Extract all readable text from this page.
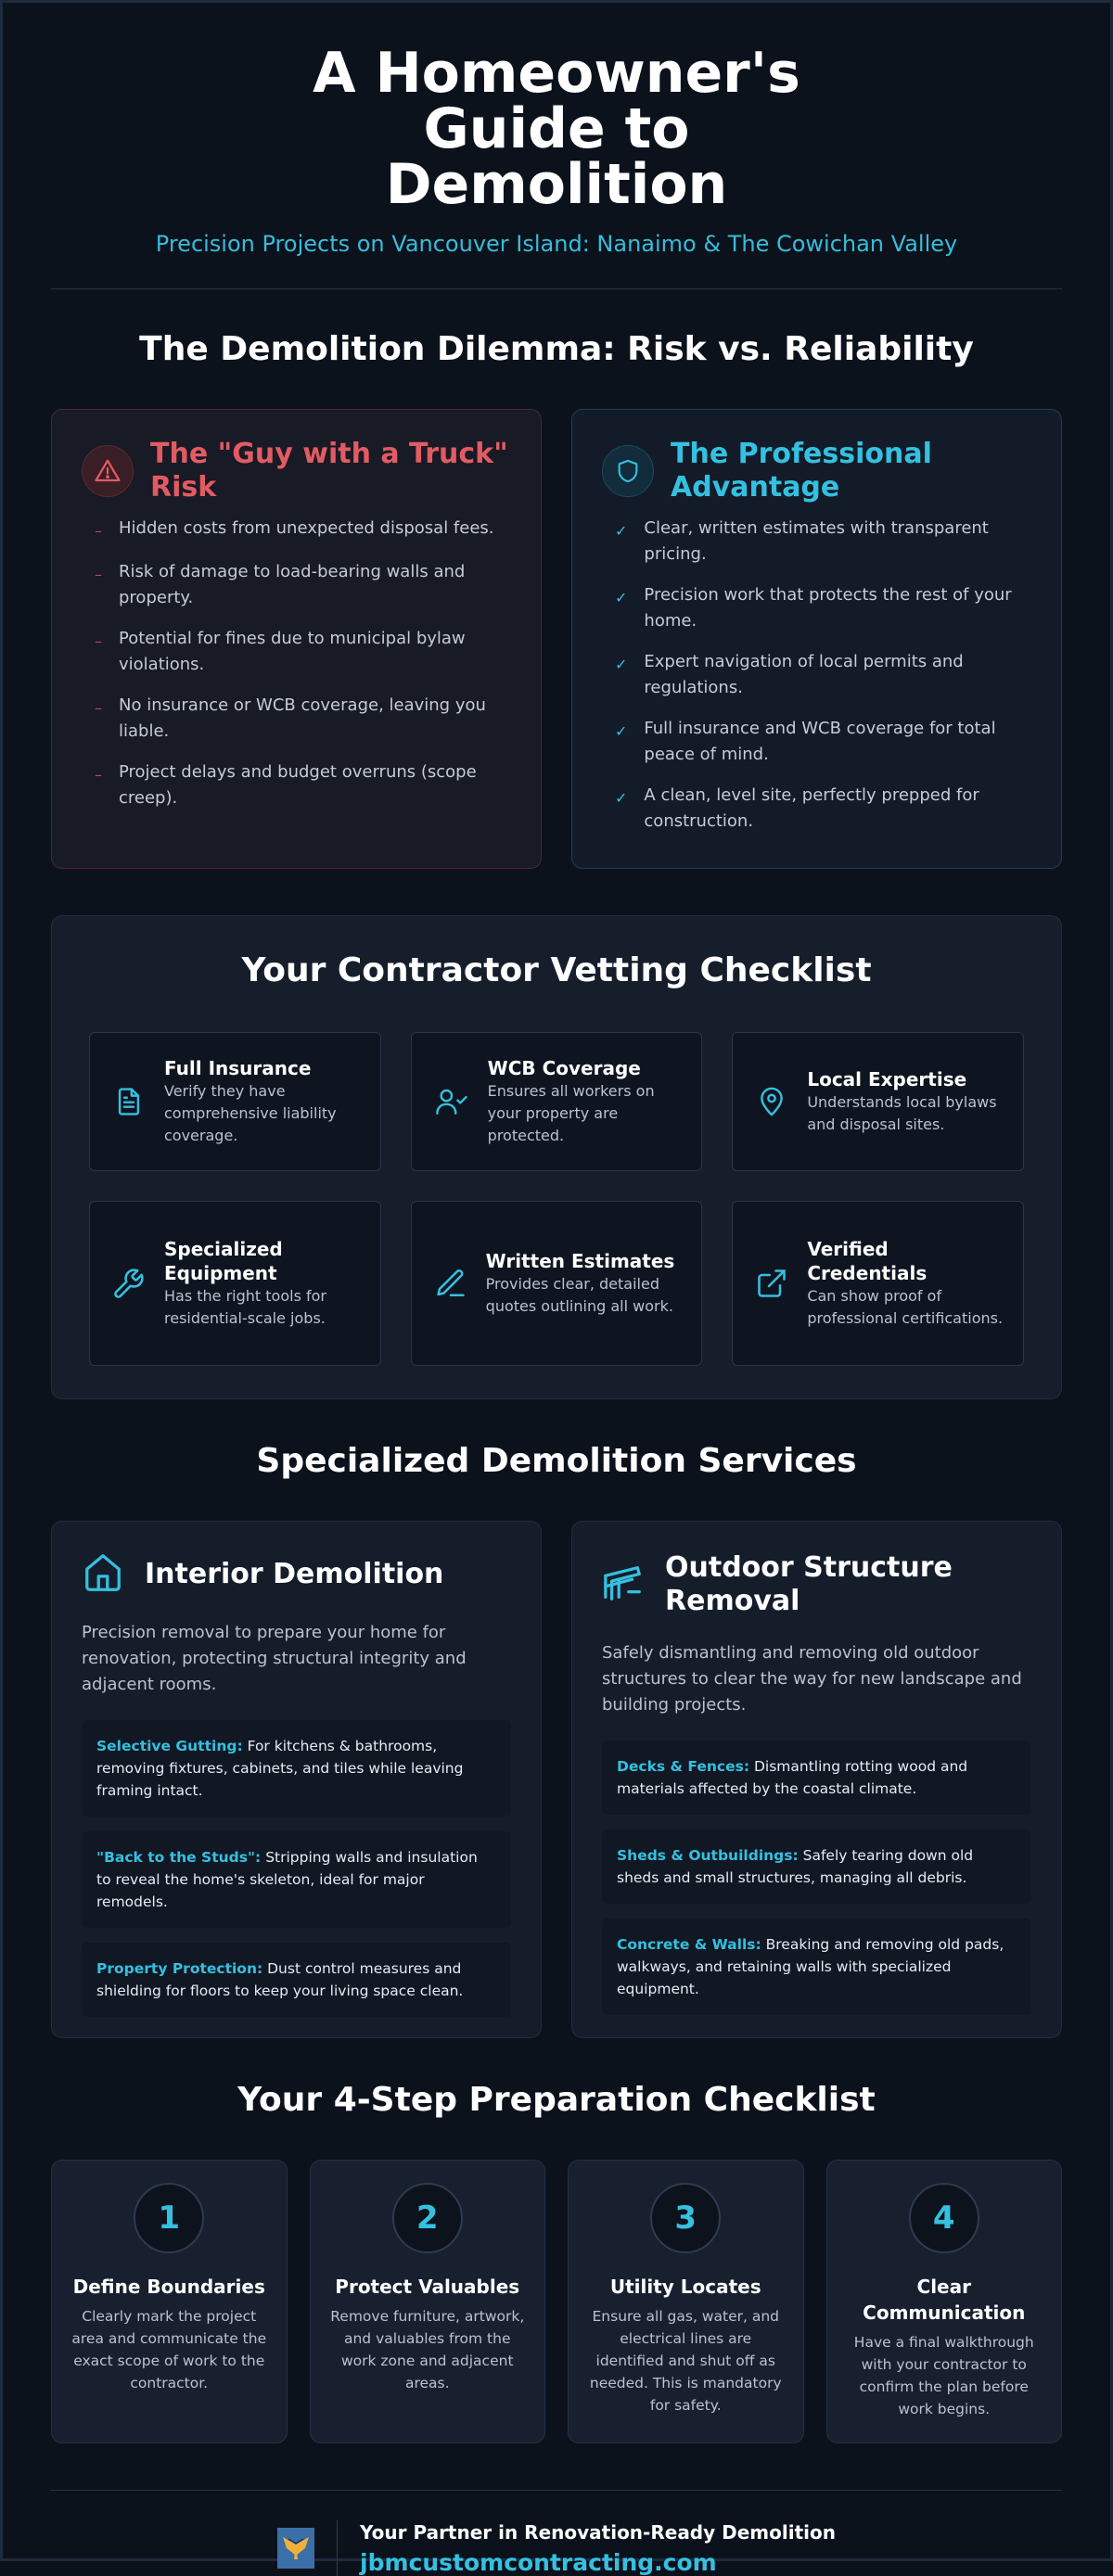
A Homeowner's Guide to Demolition
Precision Projects on Vancouver Island: Nanaimo & The Cowichan Valley
The Demolition Dilemma: Risk vs. Reliability
The "Guy with a Truck" Risk
– Hidden costs from unexpected disposal fees.
– Risk of damage to load-bearing walls and property.
– Potential for fines due to municipal bylaw violations.
– No insurance or WCB coverage, leaving you liable.
– Project delays and budget overruns (scope creep).
The Professional Advantage
✓ Clear, written estimates with transparent pricing.
✓ Precision work that protects the rest of your home.
✓ Expert navigation of local permits and regulations.
✓ Full insurance and WCB coverage for total peace of mind.
✓ A clean, level site, perfectly prepped for construction.
Your Contractor Vetting Checklist
Full Insurance
Verify they have comprehensive liability coverage.
WCB Coverage
Ensures all workers on your property are protected.
Local Expertise
Understands local bylaws and disposal sites.
Specialized Equipment
Has the right tools for residential-scale jobs.
Written Estimates
Provides clear, detailed quotes outlining all work.
Verified Credentials
Can show proof of professional certifications.
Specialized Demolition Services
Interior Demolition
Precision removal to prepare your home for renovation, protecting structural integrity and adjacent rooms.
Selective Gutting: For kitchens & bathrooms, removing fixtures, cabinets, and tiles while leaving framing intact.
"Back to the Studs": Stripping walls and insulation to reveal the home's skeleton, ideal for major remodels.
Property Protection: Dust control measures and shielding for floors to keep your living space clean.
Outdoor Structure Removal
Safely dismantling and removing old outdoor structures to clear the way for new landscape and building projects.
Decks & Fences: Dismantling rotting wood and materials affected by the coastal climate.
Sheds & Outbuildings: Safely tearing down old sheds and small structures, managing all debris.
Concrete & Walls: Breaking and removing old pads, walkways, and retaining walls with specialized equipment.
Your 4-Step Preparation Checklist
1
Define Boundaries
Clearly mark the project area and communicate the exact scope of work to the contractor.
2
Protect Valuables
Remove furniture, artwork, and valuables from the work zone and adjacent areas.
3
Utility Locates
Ensure all gas, water, and electrical lines are identified and shut off as needed. This is mandatory for safety.
4
Clear Communication
Have a final walkthrough with your contractor to confirm the plan before work begins.
Your Partner in Renovation-Ready Demolition
jbmcustomcontracting.com
